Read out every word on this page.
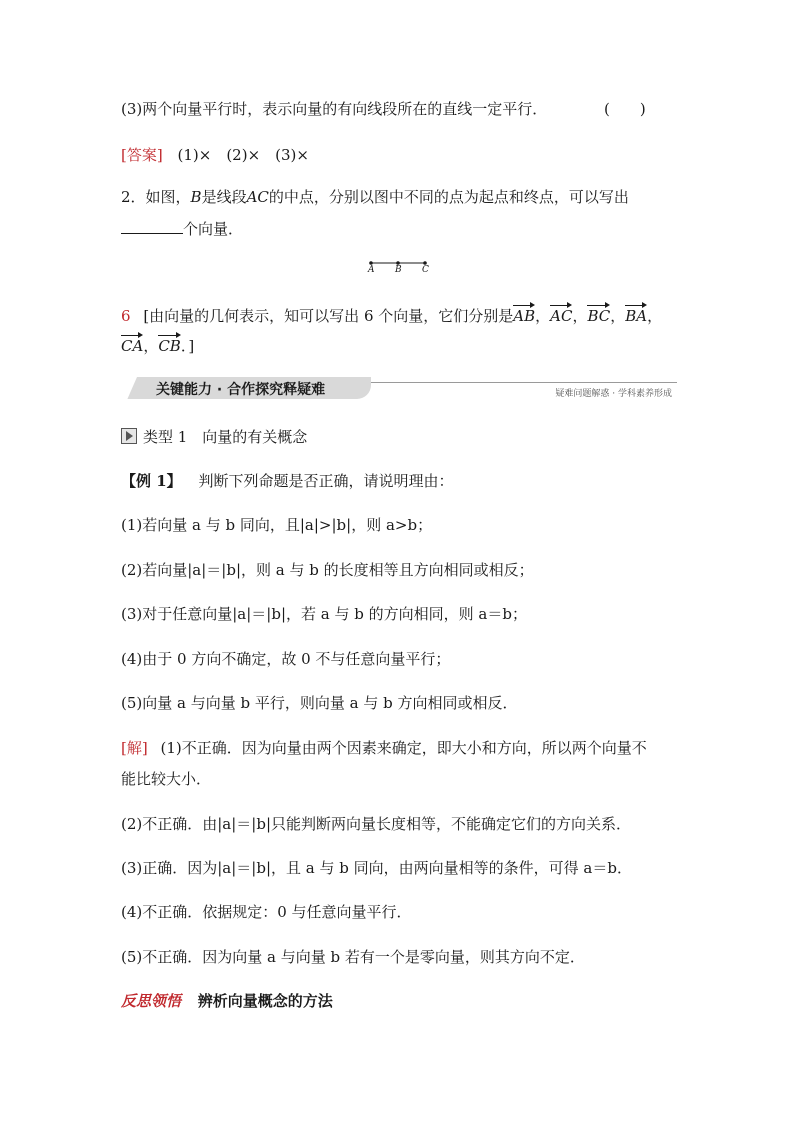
(3)两个向量平行时，表示向量的有向线段所在的直线一定平行．	(　　)
[答案] (1)×　(2)×　(3)×
2．如图，B是线段AC的中点，分别以图中不同的点为起点和终点，可以写出
个向量．
A B C
6 [由向量的几何表示，知可以写出 6 个向量，它们分别是AB，AC，BC，BA，
CA，CB．]
关键能力 · 合作探究释疑难	疑难问题解惑 · 学科素养形成
类型 1　向量的有关概念
【例 1】 判断下列命题是否正确，请说明理由：
(1)若向量 a 与 b 同向，且|a|>|b|，则 a>b；
(2)若向量|a|＝|b|，则 a 与 b 的长度相等且方向相同或相反；
(3)对于任意向量|a|＝|b|，若 a 与 b 的方向相同，则 a＝b；
(4)由于 0 方向不确定，故 0 不与任意向量平行；
(5)向量 a 与向量 b 平行，则向量 a 与 b 方向相同或相反．
[解] (1)不正确．因为向量由两个因素来确定，即大小和方向，所以两个向量不
能比较大小．
(2)不正确．由|a|＝|b|只能判断两向量长度相等，不能确定它们的方向关系．
(3)正确．因为|a|＝|b|，且 a 与 b 同向，由两向量相等的条件，可得 a＝b．
(4)不正确．依据规定：0 与任意向量平行．
(5)不正确．因为向量 a 与向量 b 若有一个是零向量，则其方向不定．
反思领悟 辨析向量概念的方法
